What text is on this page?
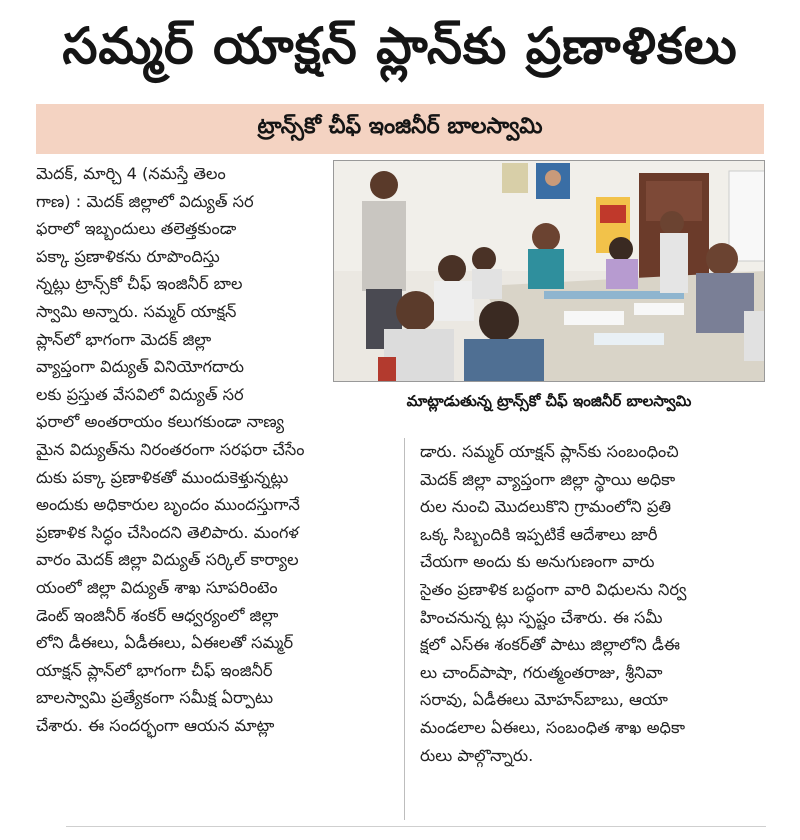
సమ్మర్ యాక్షన్ ప్లాన్‌కు ప్రణాళికలు
ట్రాన్స్‌కో చీఫ్ ఇంజినీర్ బాలస్వామి
మెదక్, మార్చి 4 (నమస్తే తెలం
గాణ) : మెదక్ జిల్లాలో విద్యుత్ సర
ఫరాలో ఇబ్బందులు తలెత్తకుండా
పక్కా ప్రణాళికను రూపొందిస్తు
న్నట్లు ట్రాన్స్‌కో చీఫ్ ఇంజినీర్ బాల
స్వామి అన్నారు. సమ్మర్ యాక్షన్
ప్లాన్‌లో భాగంగా మెదక్ జిల్లా
వ్యాప్తంగా విద్యుత్ వినియోగదారు
లకు ప్రస్తుత వేసవిలో విద్యుత్ సర
ఫరాలో అంతరాయం కలుగకుండా నాణ్య
మైన విద్యుత్‌ను నిరంతరంగా సరఫరా చేసేం
దుకు పక్కా ప్రణాళికతో ముందుకెళ్తున్నట్లు
అందుకు అధికారుల బృందం ముందస్తుగానే
ప్రణాళిక సిద్ధం చేసిందని తెలిపారు. మంగళ
వారం మెదక్ జిల్లా విద్యుత్ సర్కిల్ కార్యాల
యంలో జిల్లా విద్యుత్ శాఖ సూపరింటెం
డెంట్ ఇంజినీర్ శంకర్ ఆధ్వర్యంలో జిల్లా
లోని డీఈలు, ఏడీఈలు, ఏఈలతో సమ్మర్
యాక్షన్ ప్లాన్‌లో భాగంగా చీఫ్ ఇంజినీర్
బాలస్వామి ప్రత్యేకంగా సమీక్ష ఏర్పాటు
చేశారు. ఈ సందర్భంగా ఆయన మాట్లా
మాట్లాడుతున్న ట్రాన్స్‌కో చీఫ్ ఇంజినీర్ బాలస్వామి
డారు. సమ్మర్ యాక్షన్ ప్లాన్‌కు సంబంధించి
మెదక్ జిల్లా వ్యాప్తంగా జిల్లా స్థాయి అధికా
రుల నుంచి మొదలుకొని గ్రామంలోని ప్రతి
ఒక్క సిబ్బందికి ఇప్పటికే ఆదేశాలు జారీ
చేయగా అందు కు అనుగుణంగా వారు
సైతం ప్రణాళిక బద్ధంగా వారి విధులను నిర్వ
హించనున్న ట్లు స్పష్టం చేశారు. ఈ సమీ
క్షలో ఎస్ఈ శంకర్‌తో పాటు జిల్లాలోని డీఈ
లు చాంద్‌పాషా, గరుత్మంతరాజు, శ్రీనివా
సరావు, ఏడీఈలు మోహన్‌బాబు, ఆయా
మండలాల ఏఈలు, సంబంధిత శాఖ అధికా
రులు పాల్గొన్నారు.
